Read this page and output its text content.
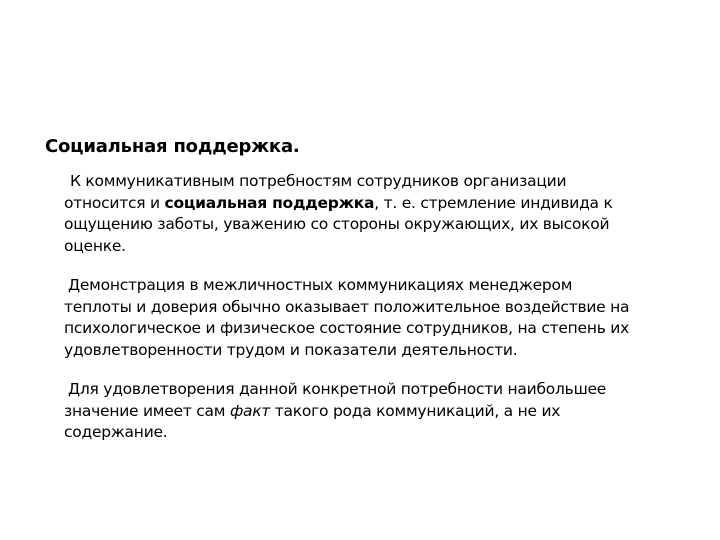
Социальная поддержка.
К коммуникативным потребностям сотрудников организации
относится и социальная поддержка, т. е. стремление индивида к
ощущению заботы, уважению со стороны окружающих, их высокой
оценке.
Демонстрация в межличностных коммуникациях менеджером
теплоты и доверия обычно оказывает положительное воздействие на
психологическое и физическое состояние сотрудников, на степень их
удовлетворенности трудом и показатели деятельности.
Для удовлетворения данной конкретной потребности наибольшее
значение имеет сам факт такого рода коммуникаций, а не их
содержание.
